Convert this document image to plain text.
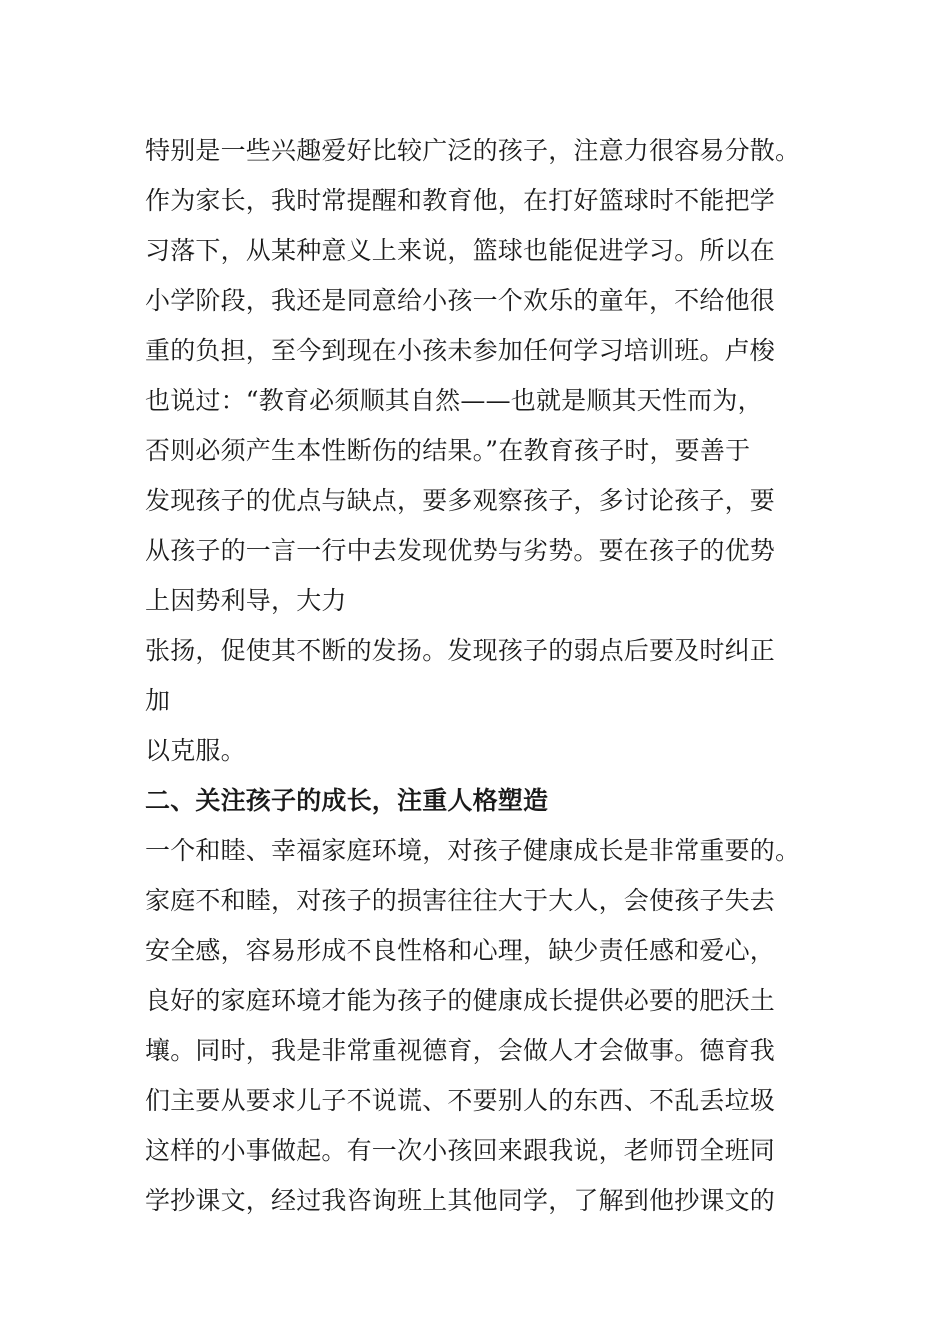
特别是一些兴趣爱好比较广泛的孩子，注意力很容易分散。
作为家长，我时常提醒和教育他，在打好篮球时不能把学
习落下，从某种意义上来说，篮球也能促进学习。所以在
小学阶段，我还是同意给小孩一个欢乐的童年，不给他很
重的负担，至今到现在小孩未参加任何学习培训班。卢梭
也说过：“教育必须顺其自然——也就是顺其天性而为，
否则必须产生本性断伤的结果。”在教育孩子时，要善于
发现孩子的优点与缺点，要多观察孩子，多讨论孩子，要
从孩子的一言一行中去发现优势与劣势。要在孩子的优势
上因势利导，大力
张扬，促使其不断的发扬。发现孩子的弱点后要及时纠正
加
以克服。
二、关注孩子的成长，注重人格塑造
一个和睦、幸福家庭环境，对孩子健康成长是非常重要的。
家庭不和睦，对孩子的损害往往大于大人，会使孩子失去
安全感，容易形成不良性格和心理，缺少责任感和爱心，
良好的家庭环境才能为孩子的健康成长提供必要的肥沃土
壤。同时，我是非常重视德育，会做人才会做事。德育我
们主要从要求儿子不说谎、不要别人的东西、不乱丢垃圾
这样的小事做起。有一次小孩回来跟我说，老师罚全班同
学抄课文，经过我咨询班上其他同学，了解到他抄课文的
